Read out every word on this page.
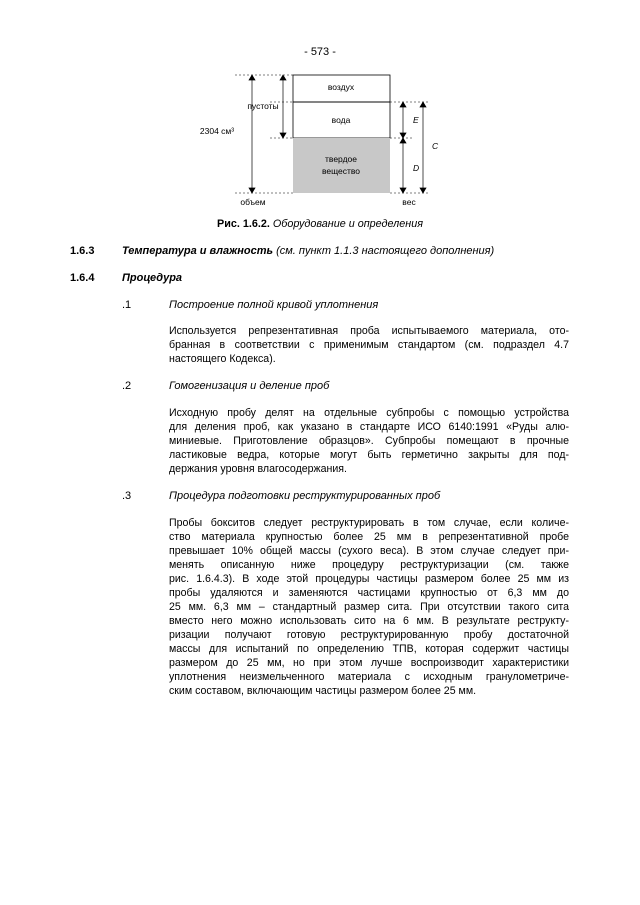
- 573 -
воздух
вода
твердое
вещество
пустоты
2304 см³
объем	вес
E
D
C
Рис. 1.6.2. Оборудование и определения
1.6.3	Температура и влажность (см. пункт 1.1.3 настоящего дополнения)
1.6.4	Процедура
.1	Построение полной кривой уплотнения
Используется репрезентативная проба испытываемого материала, ото-
бранная в соответствии с применимым стандартом (см. подраздел 4.7
настоящего Кодекса).
.2	Гомогенизация и деление проб
Исходную пробу делят на отдельные субпробы с помощью устройства
для деления проб, как указано в стандарте ИСО 6140:1991 «Руды алю-
миниевые. Приготовление образцов». Субпробы помещают в прочные
ластиковые ведра, которые могут быть герметично закрыты для под-
держания уровня влагосодержания.
.3	Процедура подготовки реструктурированных проб
Пробы бокситов следует реструктурировать в том случае, если количе-
ство материала крупностью более 25 мм в репрезентативной пробе
превышает 10% общей массы (сухого веса). В этом случае следует при-
менять описанную ниже процедуру реструктуризации (см. также
рис. 1.6.4.3). В ходе этой процедуры частицы размером более 25 мм из
пробы удаляются и заменяются частицами крупностью от 6,3 мм до
25 мм. 6,3 мм – стандартный размер сита. При отсутствии такого сита
вместо него можно использовать сито на 6 мм. В результате реструкту-
ризации получают готовую реструктурированную пробу достаточной
массы для испытаний по определению ТПВ, которая содержит частицы
размером до 25 мм, но при этом лучше воспроизводит характеристики
уплотнения неизмельченного материала с исходным гранулометриче-
ским составом, включающим частицы размером более 25 мм.
